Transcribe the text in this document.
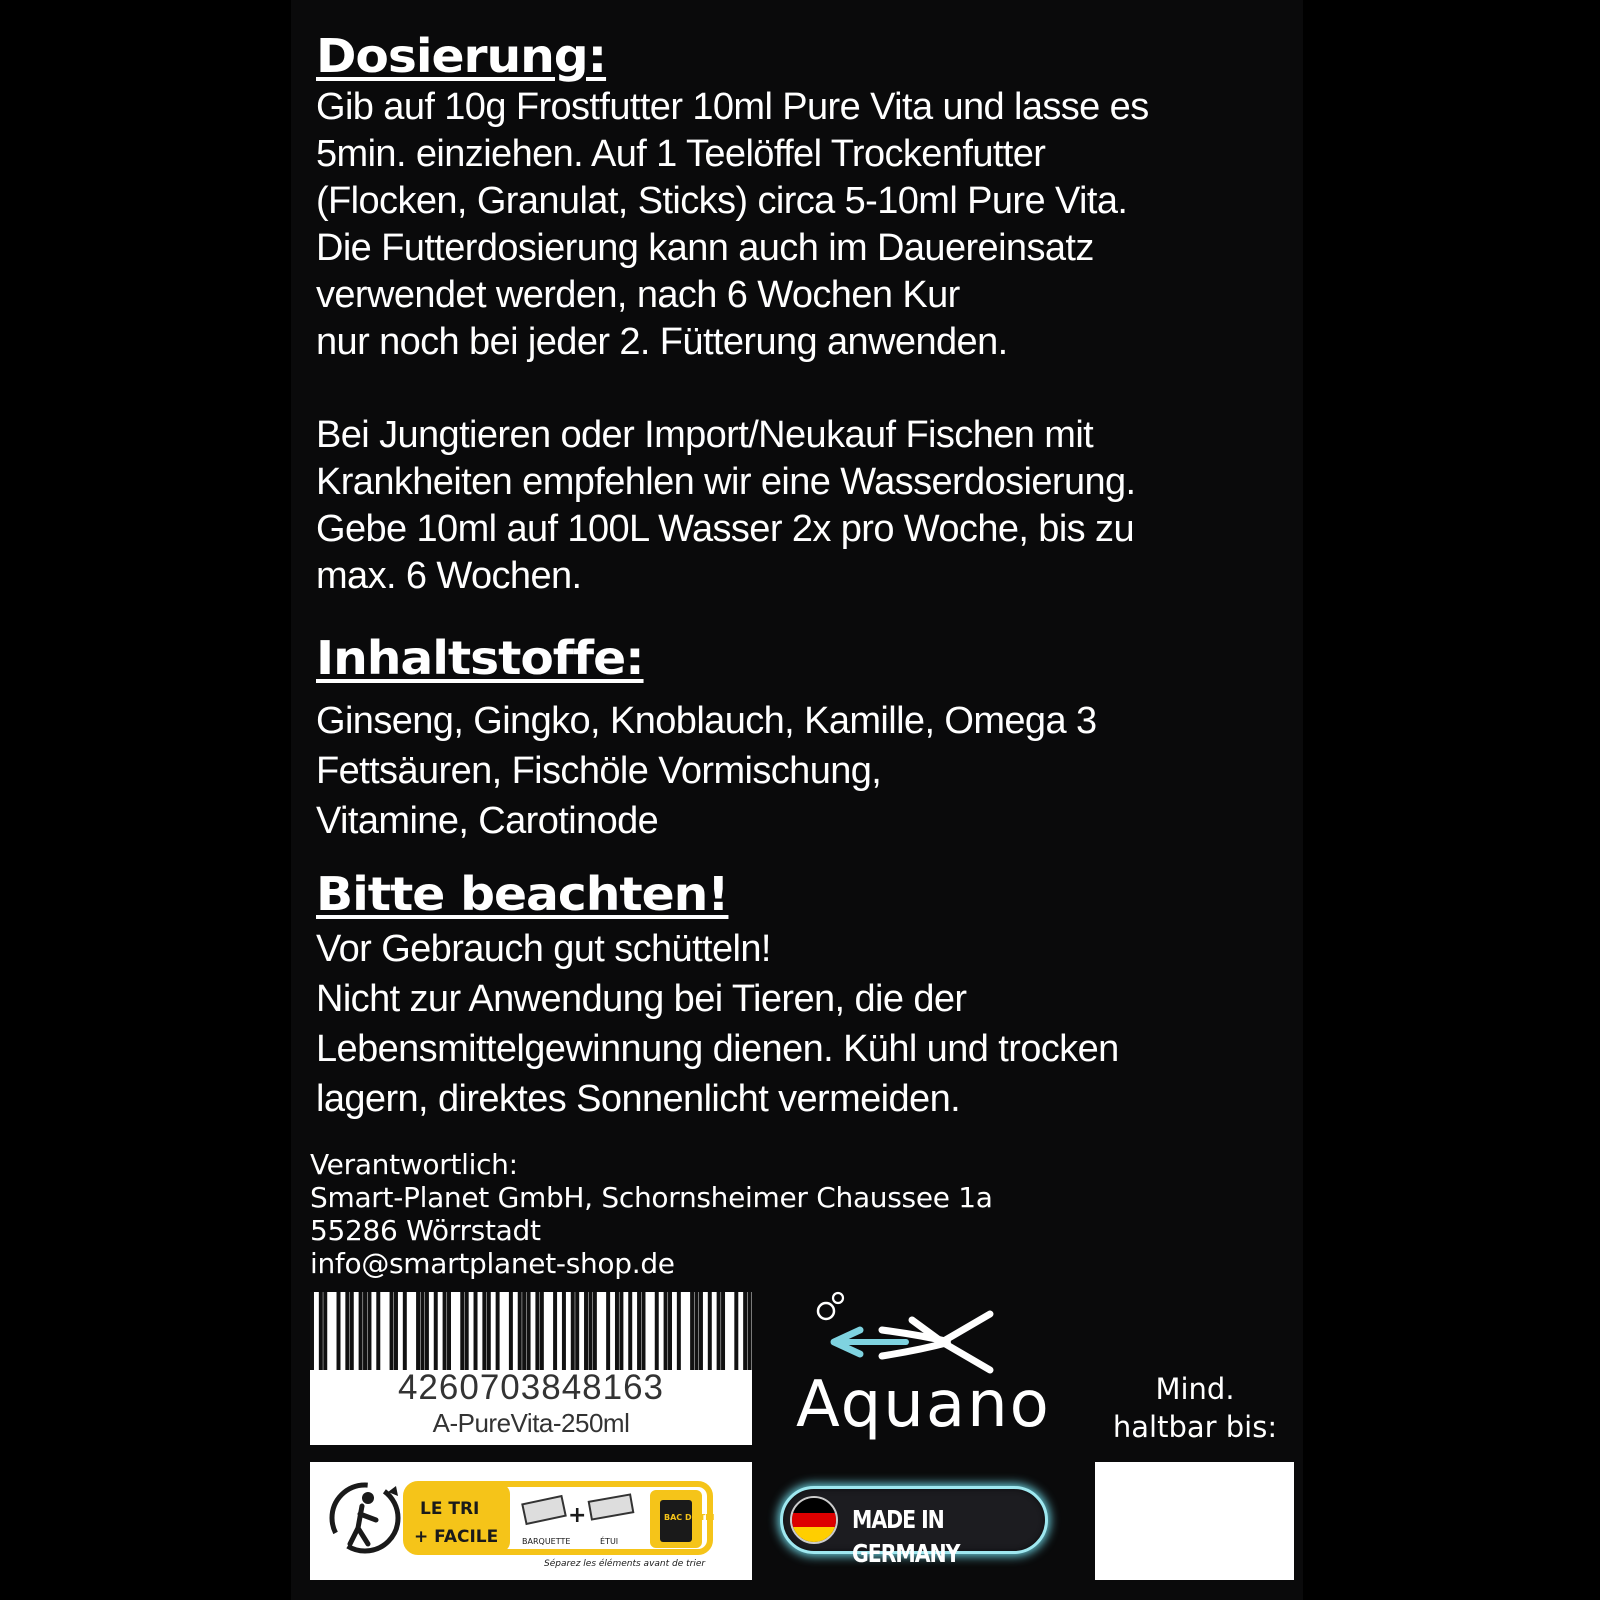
Dosierung:

Gib auf 10g Frostfutter 10ml Pure Vita und lasse es
5min. einziehen. Auf 1 Teelöffel Trockenfutter
(Flocken, Granulat, Sticks) circa 5-10ml Pure Vita.
Die Futterdosierung kann auch im Dauereinsatz
verwendet werden, nach 6 Wochen Kur
nur noch bei jeder 2. Fütterung anwenden.

Bei Jungtieren oder Import/Neukauf Fischen mit
Krankheiten empfehlen wir eine Wasserdosierung.
Gebe 10ml auf 100L Wasser 2x pro Woche, bis zu
max. 6 Wochen.

Inhaltstoffe:

Ginseng, Gingko, Knoblauch, Kamille, Omega 3
Fettsäuren, Fischöle Vormischung,
Vitamine, Carotinode

Bitte beachten!

Vor Gebrauch gut schütteln!
Nicht zur Anwendung bei Tieren, die der
Lebensmittelgewinnung dienen. Kühl und trocken
lagern, direktes Sonnenlicht vermeiden.

Verantwortlich:
Smart-Planet GmbH, Schornsheimer Chaussee 1a
55286 Wörrstadt
info@smartplanet-shop.de
4260703848163
A-PureVita-250ml	Aquano	Mind.
haltbar bis:
LE TRI
+ FACILE
+
BARQUETTE	ÉTUI
BAC DE TRI
Séparez les éléments avant de trier
MADE IN GERMANY
